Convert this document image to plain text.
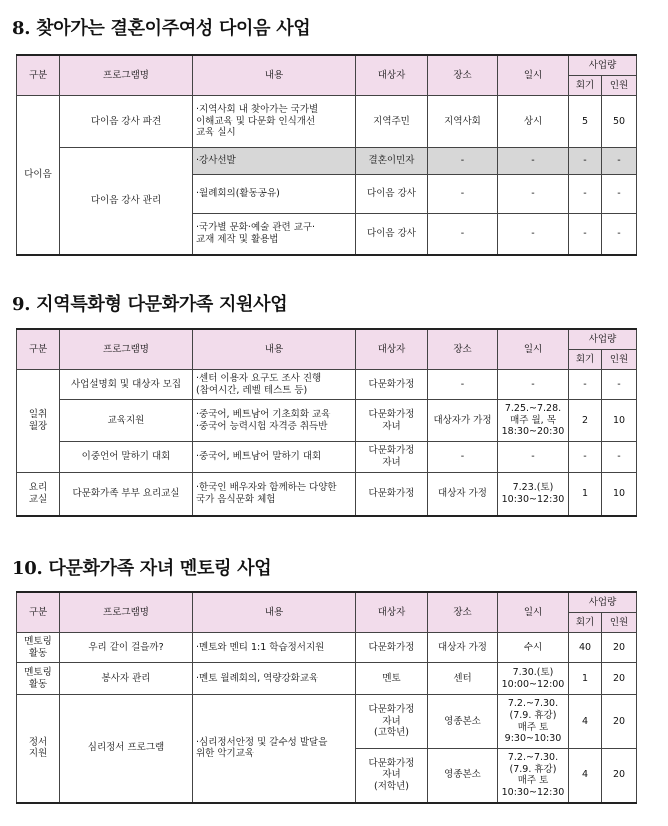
8. 찾아가는 결혼이주여성 다이음 사업
구분	프로그램명	내용	대상자	장소	일시	사업량	
						회기	인원
다이음	다이음 강사 파견	·지역사회 내 찾아가는 국가별
이해교육 및 다문화 인식개선
교육 실시	지역주민	지역사회	상시	5	50
	다이음 강사 관리	·강사선발	결혼이민자	-	-	-	-
		·월례회의(활동공유)	다이음 강사	-	-	-	-
		·국가별 문화·예술 관련 교구·
교재 제작 및 활용법	다이음 강사	-	-	-	-
9. 지역특화형 다문화가족 지원사업
구분	프로그램명	내용	대상자	장소	일시	사업량	
						회기	인원
일취
월장	사업설명회 및 대상자 모집	·센터 이용자 요구도 조사 진행
(참여시간, 레벨 테스트 등)	다문화가정	-	-	-	-
	교육지원	·중국어, 베트남어 기초회화 교육
·중국어 능력시험 자격증 취득반	다문화가정
자녀	대상자가 가정	7.25.~7.28.
매주 월, 목
18:30~20:30	2	10
	이중언어 말하기 대회	·중국어, 베트남어 말하기 대회	다문화가정
자녀	-	-	-	-
요리
교실	다문화가족 부부 요리교실	·한국인 배우자와 함께하는 다양한
국가 음식문화 체험	다문화가정	대상자 가정	7.23.(토)
10:30~12:30	1	10
10. 다문화가족 자녀 멘토링 사업
구분	프로그램명	내용	대상자	장소	일시	사업량	
						회기	인원
멘토링
활동	우리 같이 걸을까?	·멘토와 멘티 1:1 학습정서지원	다문화가정	대상자 가정	수시	40	20
멘토링
활동	봉사자 관리	·멘토 월례회의, 역량강화교육	멘토	센터	7.30.(토)
10:00~12:00	1	20
정서
지원	심리정서 프로그램	·심리정서안정 및 갈수성 발달을
위한 악기교육	다문화가정
자녀
(고학년)	영종본소	7.2.~7.30.
(7.9. 휴강)
매주 토
9:30~10:30	4	20
			다문화가정
자녀
(저학년)	영종본소	7.2.~7.30.
(7.9. 휴강)
매주 토
10:30~12:30	4	20
